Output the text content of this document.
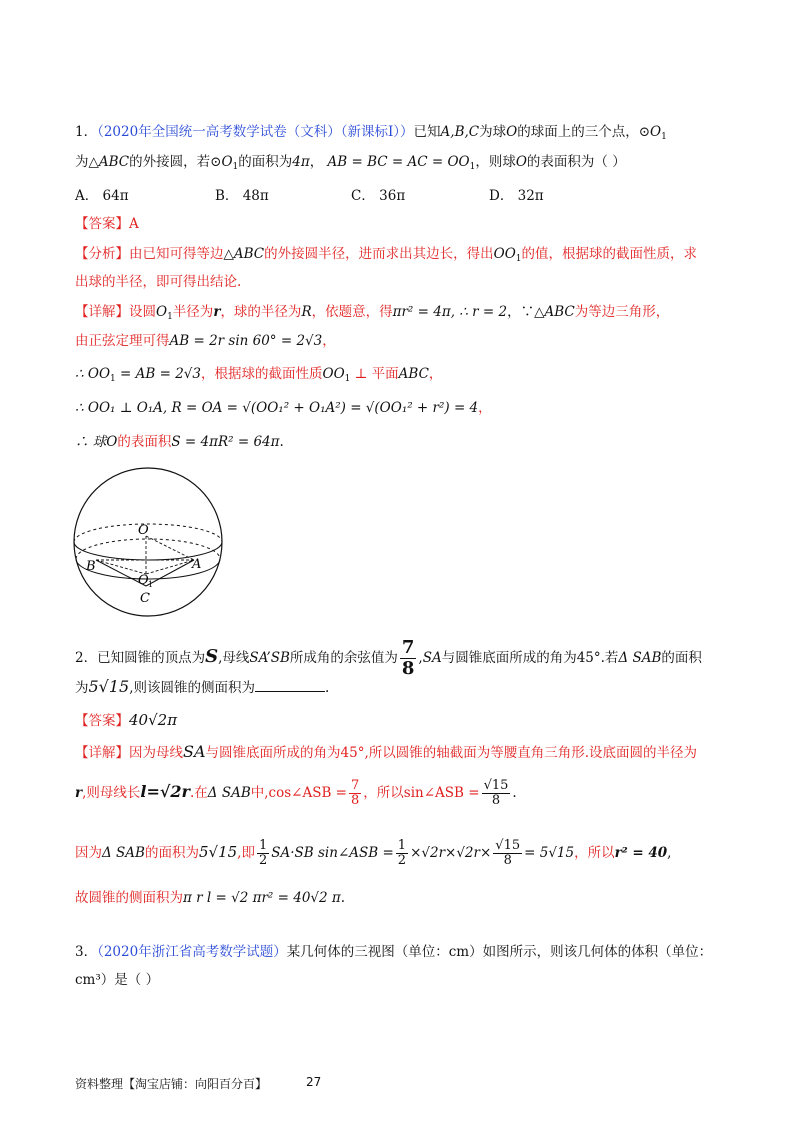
1．（2020年全国统一高考数学试卷（文科）（新课标Ⅰ））已知A,B,C为球O的球面上的三个点，$⊙O_1$
为△ABC的外接圆，若$⊙O_1$的面积为4π， AB = BC = AC = $OO_1$，则球O的表面积为（ ）
A． 64π	B． 48π	C． 36π	D． 32π
【答案】A
【分析】由已知可得等边△ABC的外接圆半径，进而求出其边长，得出$OO_1$的值，根据球的截面性质，求
出球的半径，即可得出结论.
【详解】设圆$O_1$半径为r，球的半径为R，依题意，得πr² = 4π, ∴ r = 2，∵△ABC为等边三角形，
由正弦定理可得AB = 2r sin 60° = 2√3，
∴ $OO_1$ = AB = 2√3，根据球的截面性质$OO_1$ ⊥ 平面ABC，
∴ OO₁ ⊥ O₁A, R = OA = √(OO₁² + O₁A²) = √(OO₁² + r²) = 4，
∴ 球O的表面积S = 4πR² = 64π.
O
A
B
C
O 1
2．已知圆锥的顶点为S,母线SA’SB所成角的余弦值为 $\frac{7}{8} ,SA$与圆锥底面所成的角为45°.若Δ SAB的面积
为5√15,则该圆锥的侧面积为	.
【答案】40√2π
【详解】因为母线SA与圆锥底面所成的角为45°,所以圆锥的轴截面为等腰直角三角形.设底面圆的半径为
r,则母线长l=√2r.在Δ SAB中,cos∠ASB = $\frac{7}{8}$ ，所以sin∠ASB = $\frac{√15}{8}$ .
因为Δ SAB的面积为5√15,即 $\frac{1}{2} SA\cdot SB$ sin∠ASB = $\frac{1}{2} \times√2r\times√2r\times \frac{√15}{8} = 5√15$，所以r² = 40,
故圆锥的侧面积为π r l = √2 πr² = 40√2 π.
3．（2020年浙江省高考数学试题）某几何体的三视图（单位：cm）如图所示，则该几何体的体积（单位：
cm³）是（ ）
资料整理【淘宝店铺：向阳百分百】	27
